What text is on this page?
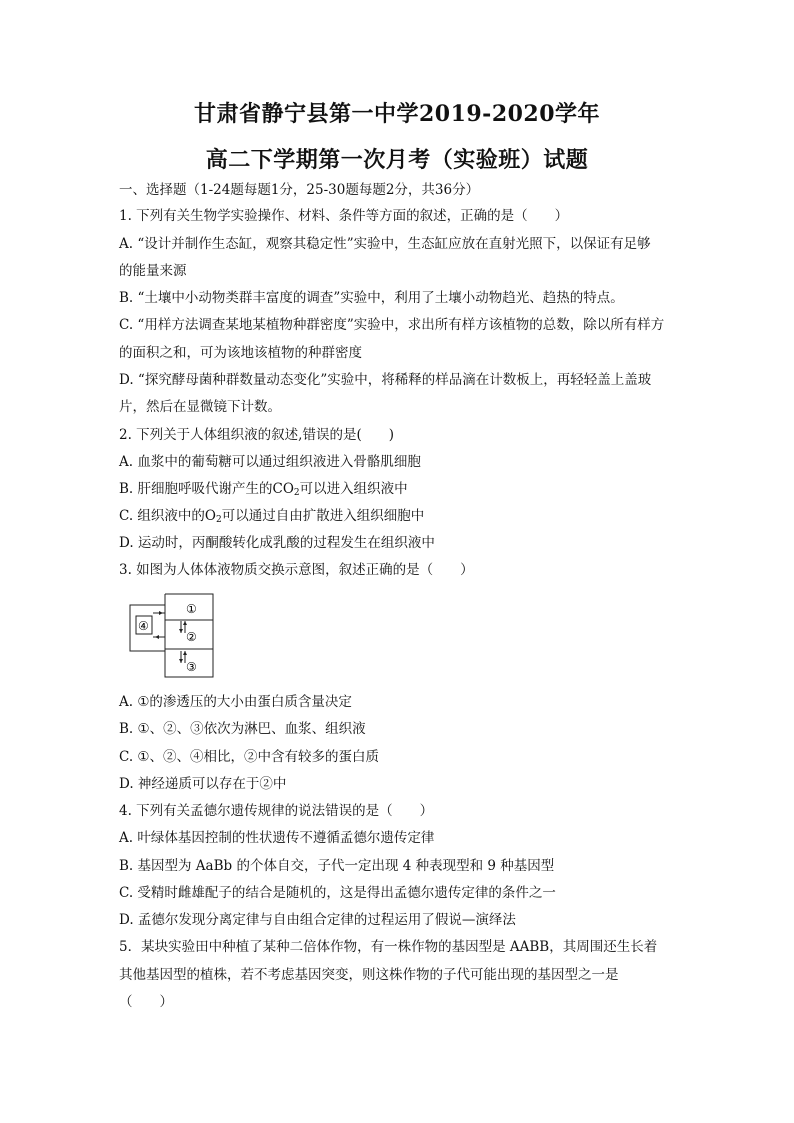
甘肃省静宁县第一中学2019-2020学年
高二下学期第一次月考（实验班）试题
一、选择题（1-24题每题1分，25-30题每题2分，共36分）
1. 下列有关生物学实验操作、材料、条件等方面的叙述，正确的是（　　）
A. “设计并制作生态缸，观察其稳定性”实验中，生态缸应放在直射光照下，以保证有足够
的能量来源
B. “土壤中小动物类群丰富度的调查”实验中，利用了土壤小动物趋光、趋热的特点。
C. “用样方法调查某地某植物种群密度”实验中，求出所有样方该植物的总数，除以所有样方
的面积之和，可为该地该植物的种群密度
D. “探究酵母菌种群数量动态变化”实验中，将稀释的样品滴在计数板上，再轻轻盖上盖玻
片，然后在显微镜下计数。
2. 下列关于人体组织液的叙述,错误的是(　　)
A. 血浆中的葡萄糖可以通过组织液进入骨骼肌细胞
B. 肝细胞呼吸代谢产生的$CO_2$可以进入组织液中
C. 组织液中的$O_2$可以通过自由扩散进入组织细胞中
D. 运动时，丙酮酸转化成乳酸的过程发生在组织液中
3. 如图为人体体液物质交换示意图，叙述正确的是（　　）
①
②
③
④
A. ①的渗透压的大小由蛋白质含量决定
B. ①、②、③依次为淋巴、血浆、组织液
C. ①、②、④相比，②中含有较多的蛋白质
D. 神经递质可以存在于②中
4. 下列有关孟德尔遗传规律的说法错误的是（　　）
A. 叶绿体基因控制的性状遗传不遵循孟德尔遗传定律
B. 基因型为 AaBb 的个体自交，子代一定出现 4 种表现型和 9 种基因型
C. 受精时雌雄配子的结合是随机的，这是得出孟德尔遗传定律的条件之一
D. 孟德尔发现分离定律与自由组合定律的过程运用了假说—演绎法
5．某块实验田中种植了某种二倍体作物，有一株作物的基因型是 AABB，其周围还生长着
其他基因型的植株，若不考虑基因突变，则这株作物的子代可能出现的基因型之一是
（　　）
